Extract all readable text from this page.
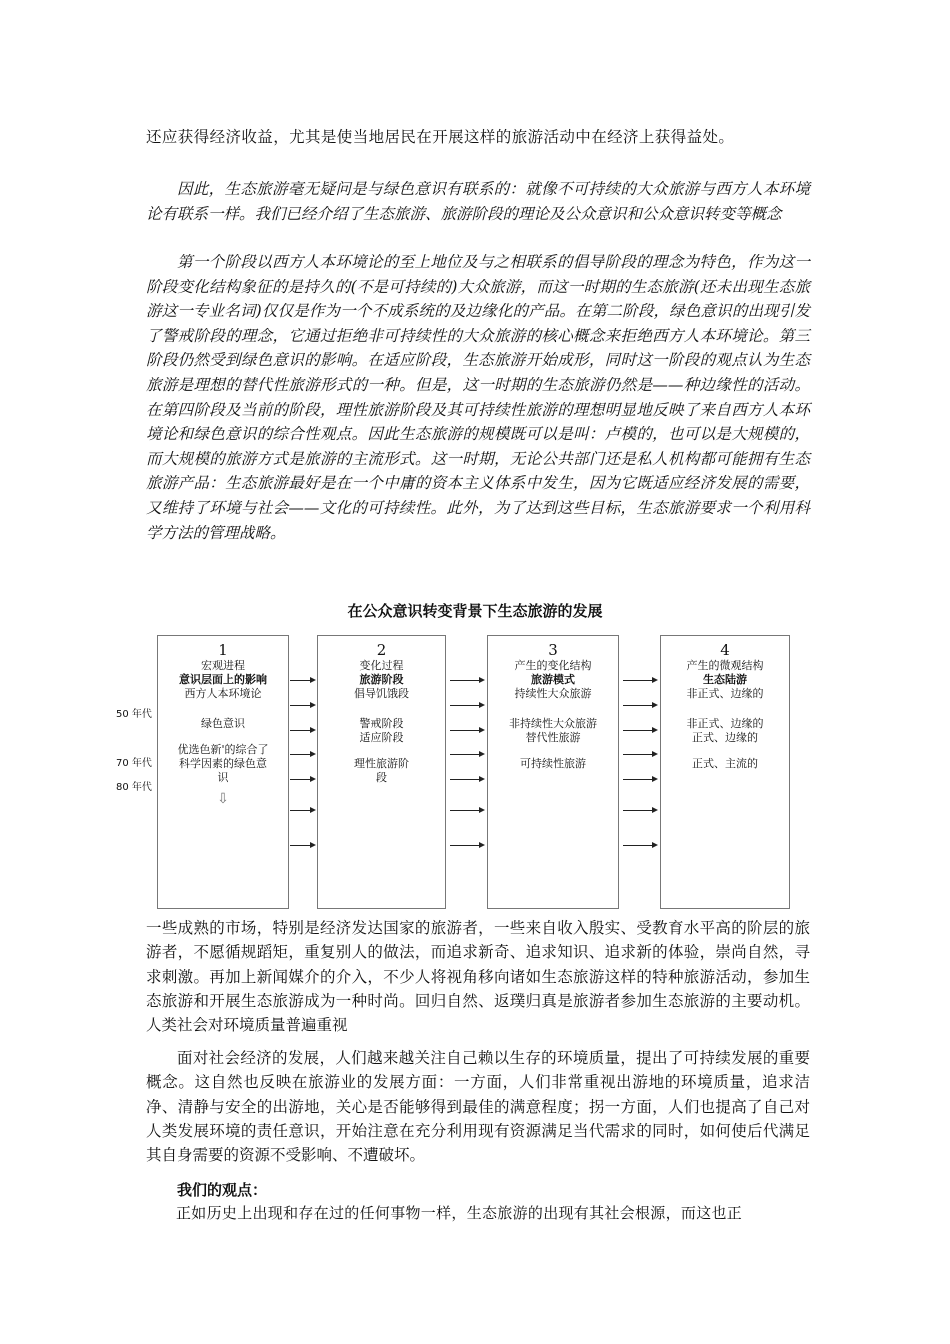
还应获得经济收益，尤其是使当地居民在开展这样的旅游活动中在经济上获得益处。

因此，生态旅游毫无疑问是与绿色意识有联系的：就像不可持续的大众旅游与西方人本环境论有联系一样。我们已经介绍了生态旅游、旅游阶段的理论及公众意识和公众意识转变等概念

第一个阶段以西方人本环境论的至上地位及与之相联系的倡导阶段的理念为特色，作为这一阶段变化结构象征的是持久的(不是可持续的)大众旅游，而这一时期的生态旅游(还未出现生态旅游这一专业名词)仅仅是作为一个不成系统的及边缘化的产品。在第二阶段，绿色意识的出现引发了警戒阶段的理念，它通过拒绝非可持续性的大众旅游的核心概念来拒绝西方人本环境论。第三阶段仍然受到绿色意识的影响。在适应阶段，生态旅游开始成形，同时这一阶段的观点认为生态旅游是理想的替代性旅游形式的一种。但是，这一时期的生态旅游仍然是——种边缘性的活动。在第四阶段及当前的阶段，理性旅游阶段及其可持续性旅游的理想明显地反映了来自西方人本环境论和绿色意识的综合性观点。因此生态旅游的规模既可以是叫：卢模的，也可以是大规模的，而大规模的旅游方式是旅游的主流形式。这一时期，无论公共部门还是私人机构都可能拥有生态旅游产品：生态旅游最好是在一个中庸的资本主义体系中发生，因为它既适应经济发展的需要，又维持了环境与社会——文化的可持续性。此外，为了达到这些目标，生态旅游要求一个利用科学方法的管理战略。

在公众意识转变背景下生态旅游的发展
50 年代
70 年代
80 年代
1
宏观进程
意识层面上的影响
西方人本环境论
绿色意识
优选色新'的综合了
科学因素的绿色意
识
⇩
2
变化过程
旅游阶段
倡导饥饿段
警戒阶段
适应阶段
理性旅游阶
段
3
产生的变化结构
旅游模式
持续性大众旅游
非持续性大众旅游
替代性旅游
可持续性旅游
4
产生的微观结构
生态陆游
非正式、边缘的
非正式、边缘的
正式、边缘的
正式、主流的

一些成熟的市场，特别是经济发达国家的旅游者，一些来自收入殷实、受教育水平高的阶层的旅游者，不愿循规蹈矩，重复别人的做法，而追求新奇、追求知识、追求新的体验，崇尚自然，寻求刺激。再加上新闻媒介的介入，不少人将视角移向诸如生态旅游这样的特种旅游活动，参加生态旅游和开展生态旅游成为一种时尚。回归自然、返璞归真是旅游者参加生态旅游的主要动机。人类社会对环境质量普遍重视

面对社会经济的发展，人们越来越关注自己赖以生存的环境质量，提出了可持续发展的重要概念。这自然也反映在旅游业的发展方面：一方面，人们非常重视出游地的环境质量，追求洁净、清静与安全的出游地，关心是否能够得到最佳的满意程度；拐一方面，人们也提高了自己对人类发展环境的责任意识，开始注意在充分利用现有资源满足当代需求的同时，如何使后代满足其自身需要的资源不受影响、不遭破坏。

我们的观点：

正如历史上出现和存在过的任何事物一样，生态旅游的出现有其社会根源，而这也正
